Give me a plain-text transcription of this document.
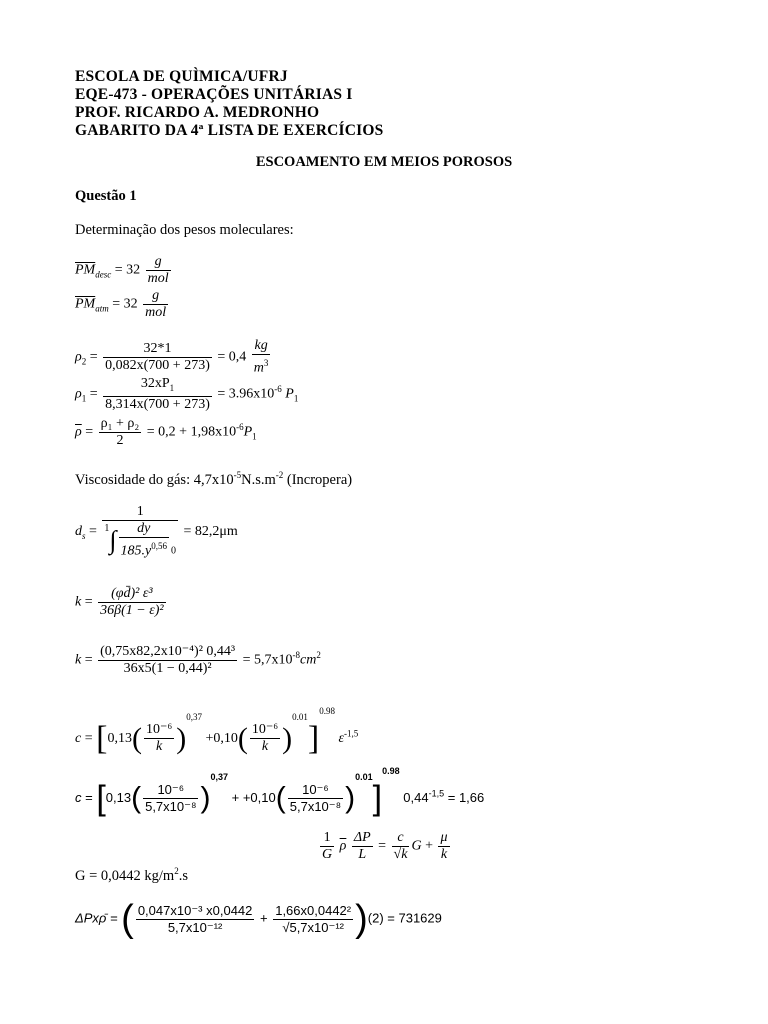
ESCOLA DE QUÌMICA/UFRJ
EQE-473 - OPERAÇÕES UNITÁRIAS I
PROF. RICARDO A. MEDRONHO
GABARITO DA 4ª LISTA DE EXERCÍCIOS
ESCOAMENTO EM MEIOS POROSOS
Questão 1
Determinação dos pesos moleculares:
$\overline{PM}_{desc} = 32 \frac{g}{\text{mol}}$
$\overline{PM}_{atm} = 32 \frac{g}{\text{mol}}$
$\rho_2 = \frac{32*1}{0,082x(700 + 273)} = 0,4 \frac{kg}{m^3}$
$\rho_1 = \frac{32xP_1}{8,314x(700 + 273)} = 3.96x10^{-6}$ $P_1$
$\overline{\rho} = \frac{\text{ρ₁ + ρ₂}}{2} = 0,2 + 1,98x10^{-6}P_1$
Viscosidade do gás: $4,7x10^{-5}N.s.m^{-2}$ (Incropera)
$d_s = \frac{1}{^1\int \frac{dy}{185.y^{0,56}} 0} = 82,2\mu m$
$k = \frac{\text{(φd̄)² ε³}}{\text{36β(1 − ε)²}}$
$k = \frac{\text{(0,75x82,2x10⁻⁴)² 0,44³}}{\text{36x5(1 − 0,44)²}} = 5,7x10^{-8}cm^2$
$c = [0,13( \frac{\text{10⁻⁶}}{k} )^{0,37} +0,10( \frac{\text{10⁻⁶}}{k} )^{0.01}]^{0.98}$ $\varepsilon^{-1,5}$
$c = [0,13( \frac{\text{10⁻⁶}}{\text{5,7x10⁻⁸}} )^{0,37} + +0,10( \frac{\text{10⁻⁶}}{\text{5,7x10⁻⁸}} )^{0.01}]^{0.98}$ $0,44^{-1,5} = 1,66$
$\frac{1}{G} \overline{\rho} \frac{\Delta P}{L} = \frac{c}{√k}$ $G + \frac{\mu}{k}$
G = 0,0442 $kg/m^2.s$
ΔPxρ̄ = ( $\frac{\text{0,047x10⁻³ x0,0442}}{\text{5,7x10⁻¹²}} + \frac{\text{1,66x0,0442²}}{\text{√5,7x10⁻¹²}} )(2) = 731629$
